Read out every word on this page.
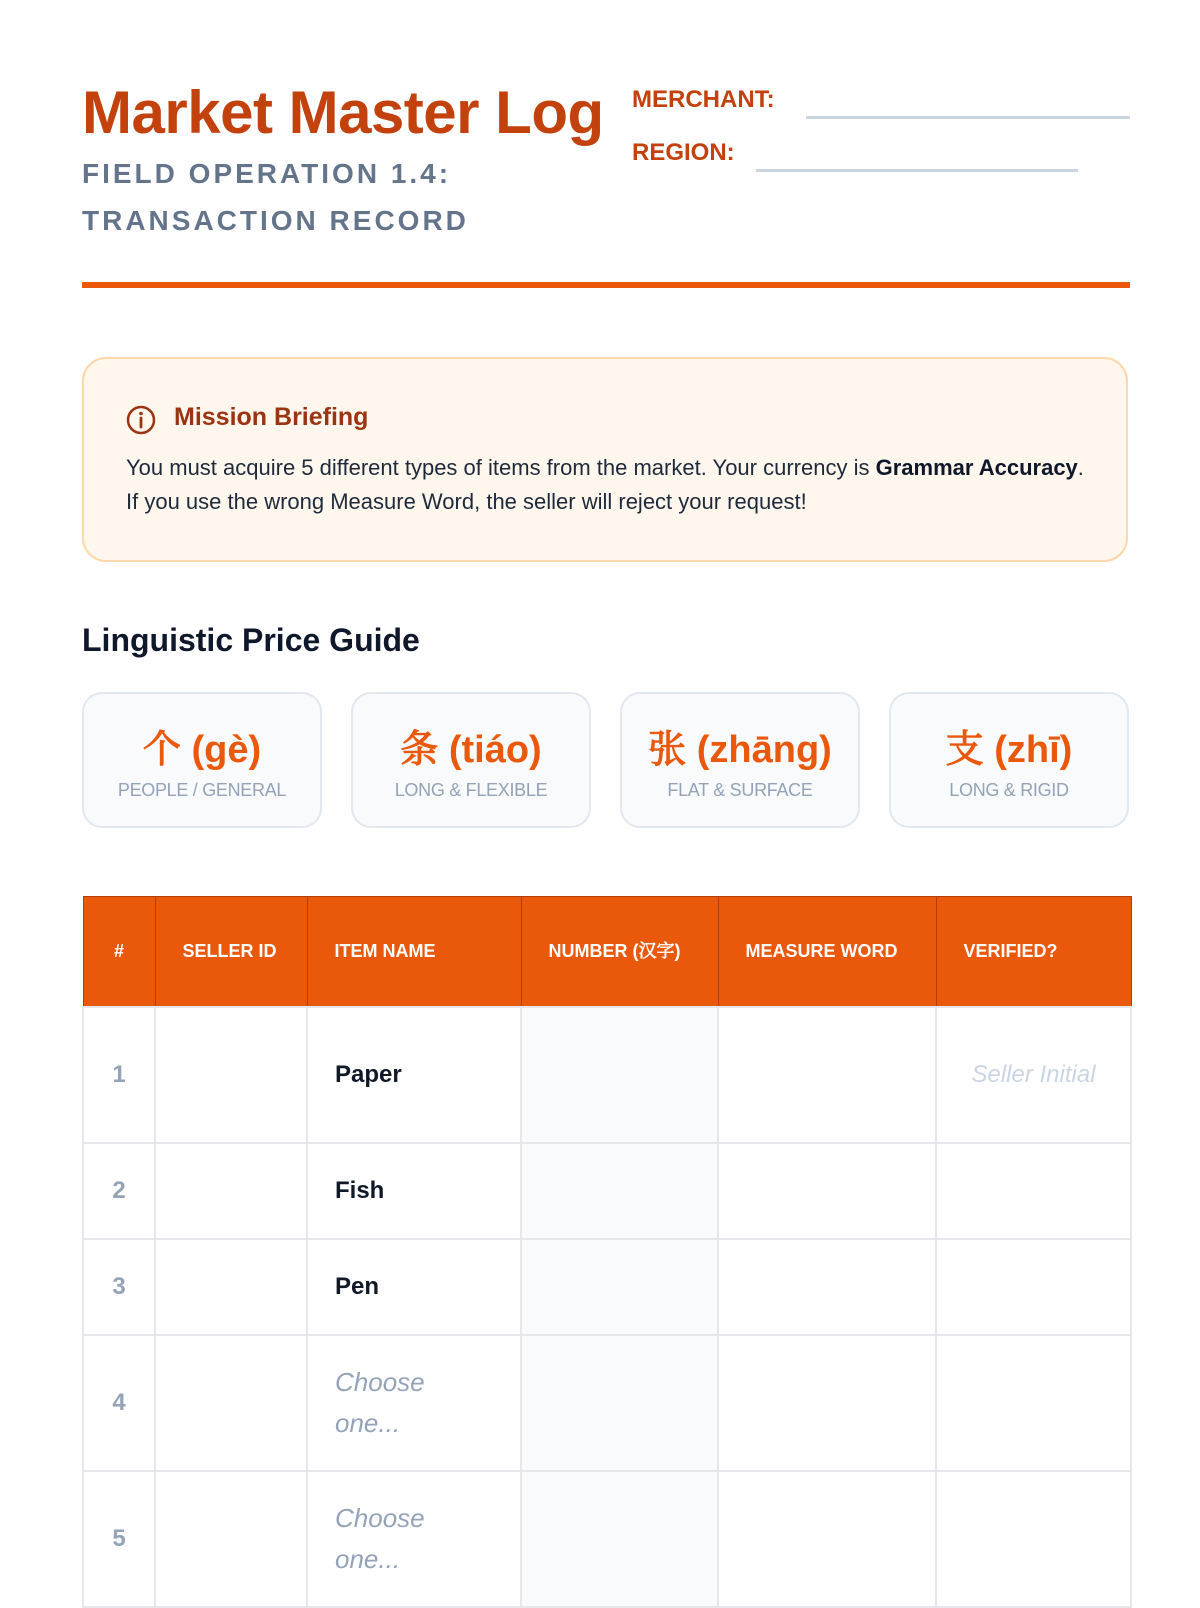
Market Master Log

FIELD OPERATION 1.4: TRANSACTION RECORD

MERCHANT:
REGION:
Mission Briefing
You must acquire 5 different types of items from the market. Your currency is Grammar Accuracy. If you use the wrong Measure Word, the seller will reject your request!
Linguistic Price Guide
个 (gè)
PEOPLE / GENERAL
条 (tiáo)
LONG & FLEXIBLE
张 (zhāng)
FLAT & SURFACE
支 (zhī)
LONG & RIGID
#	SELLER ID	ITEM NAME	NUMBER (汉字)	MEASURE WORD	VERIFIED?
1		Paper			Seller Initial
2		Fish			
3		Pen			
4		Choose one...			
5		Choose one...			
